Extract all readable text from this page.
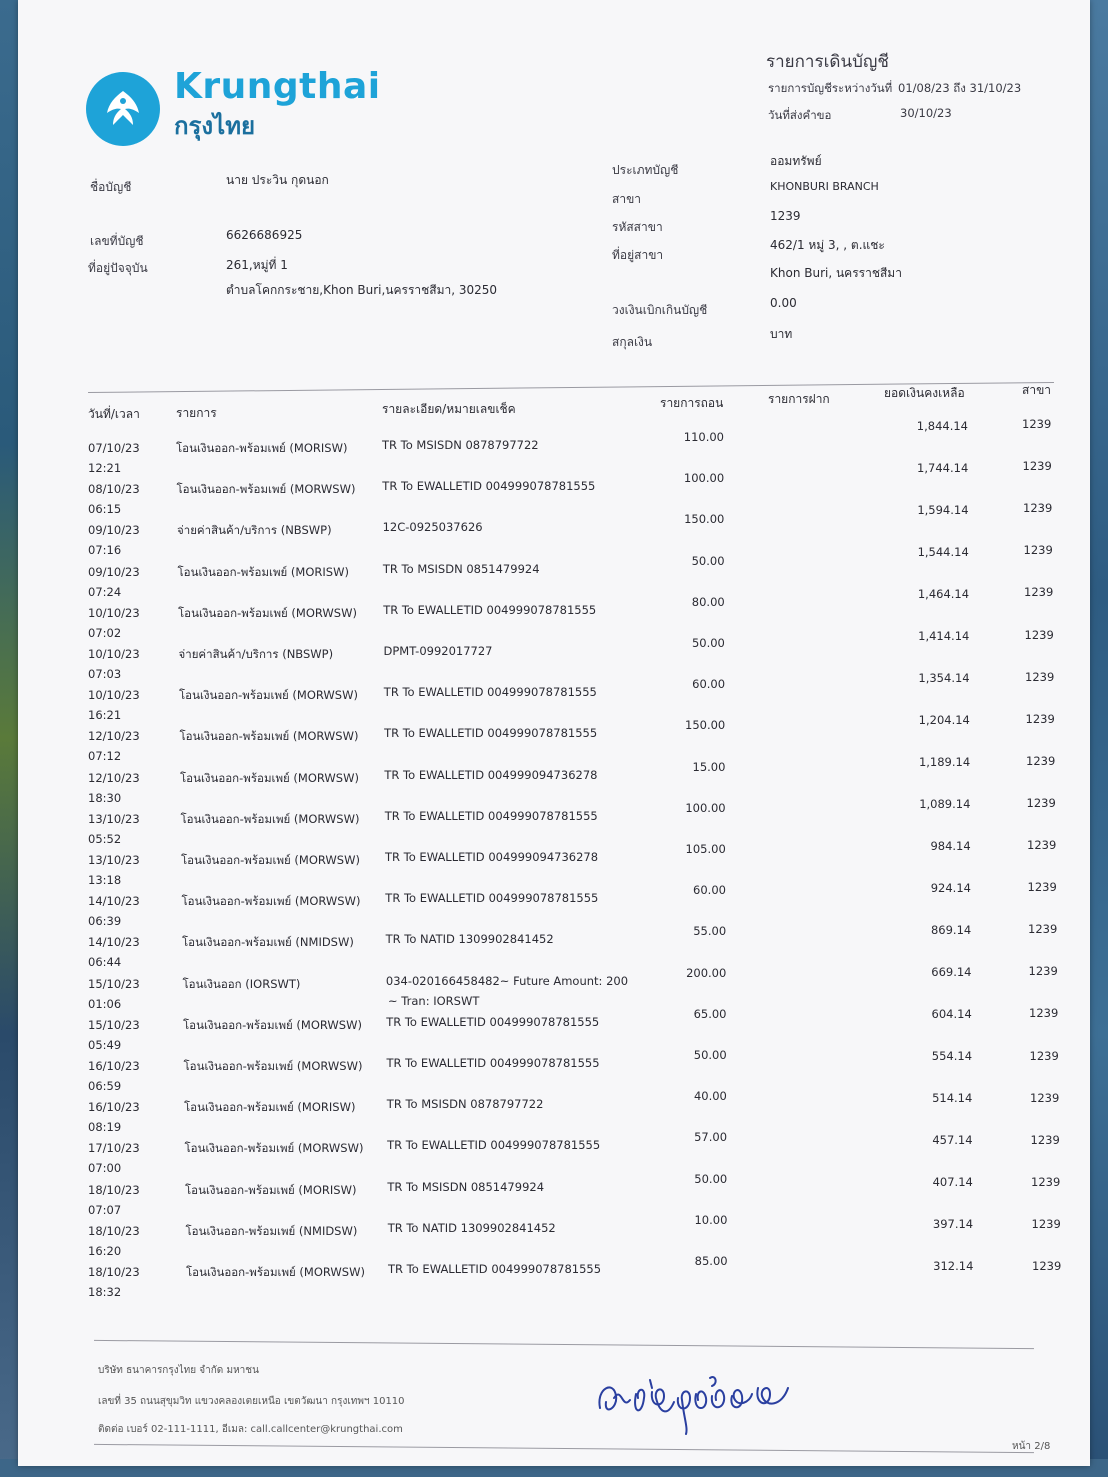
Krungthai
กรุงไทย
รายการเดินบัญชี
รายการบัญชีระหว่างวันที่ 01/08/23 ถึง 31/10/23
วันที่ส่งคำขอ	30/10/23
ชื่อบัญชี	นาย ประวิน กุดนอก
เลขที่บัญชี	6626686925
ที่อยู่ปัจจุบัน	261,หมู่ที่ 1
ตำบลโคกกระชาย,Khon Buri,นครราชสีมา, 30250
ประเภทบัญชี
ออมทรัพย์
สาขา
KHONBURI BRANCH
รหัสสาขา
1239
ที่อยู่สาขา
462/1 หมู่ 3, , ต.แชะ
Khon Buri, นครราชสีมา
วงเงินเบิกเกินบัญชี	0.00
สกุลเงิน
บาท
วันที่/เวลา	รายการ	รายละเอียด/หมายเลขเช็ค	รายการถอน	รายการฝาก	ยอดเงินคงเหลือ	สาขา
07/10/23
12:21
โอนเงินออก-พร้อมเพย์ (MORISW)	TR To MSISDN 0878797722
110.00
1,844.14	1239
08/10/23
06:15
โอนเงินออก-พร้อมเพย์ (MORWSW) TR To EWALLETID 004999078781555
100.00
1,744.14	1239
09/10/23
07:16
จ่ายค่าสินค้า/บริการ (NBSWP)	12C-0925037626
150.00
1,594.14	1239
09/10/23
07:24
โอนเงินออก-พร้อมเพย์ (MORISW)	TR To MSISDN 0851479924
50.00
1,544.14	1239
10/10/23
07:02
โอนเงินออก-พร้อมเพย์ (MORWSW) TR To EWALLETID 004999078781555
80.00
1,464.14	1239
10/10/23
07:03
จ่ายค่าสินค้า/บริการ (NBSWP)	DPMT-0992017727
50.00	1,414.14	1239
10/10/23
16:21
โอนเงินออก-พร้อมเพย์ (MORWSW) TR To EWALLETID 004999078781555
60.00	1,354.14	1239
12/10/23
07:12
โอนเงินออก-พร้อมเพย์ (MORWSW) TR To EWALLETID 004999078781555
150.00	1,204.14	1239
12/10/23
18:30
โอนเงินออก-พร้อมเพย์ (MORWSW) TR To EWALLETID 004999094736278
15.00	1,189.14	1239
13/10/23
05:52
โอนเงินออก-พร้อมเพย์ (MORWSW) TR To EWALLETID 004999078781555
100.00	1,089.14	1239
13/10/23
13:18
โอนเงินออก-พร้อมเพย์ (MORWSW) TR To EWALLETID 004999094736278
105.00	984.14	1239
14/10/23
06:39
โอนเงินออก-พร้อมเพย์ (MORWSW) TR To EWALLETID 004999078781555
60.00	924.14	1239
14/10/23
06:44
โอนเงินออก-พร้อมเพย์ (NMIDSW)	TR To NATID 1309902841452
55.00	869.14	1239
15/10/23
01:06
โอนเงินออก (IORSWT)	034-020166458482~ Future Amount: 200
~ Tran: IORSWT
200.00	669.14	1239
15/10/23
05:49
โอนเงินออก-พร้อมเพย์ (MORWSW) TR To EWALLETID 004999078781555
65.00	604.14	1239
16/10/23
06:59
โอนเงินออก-พร้อมเพย์ (MORWSW) TR To EWALLETID 004999078781555
50.00	554.14	1239
16/10/23
08:19
โอนเงินออก-พร้อมเพย์ (MORISW)	TR To MSISDN 0878797722
40.00	514.14	1239
17/10/23
07:00
โอนเงินออก-พร้อมเพย์ (MORWSW) TR To EWALLETID 004999078781555
57.00	457.14	1239
18/10/23
07:07
โอนเงินออก-พร้อมเพย์ (MORISW)	TR To MSISDN 0851479924
50.00	407.14	1239
18/10/23
16:20
โอนเงินออก-พร้อมเพย์ (NMIDSW)	TR To NATID 1309902841452
10.00	397.14	1239
18/10/23
18:32
โอนเงินออก-พร้อมเพย์ (MORWSW) TR To EWALLETID 004999078781555
85.00	312.14	1239
บริษัท ธนาคารกรุงไทย จำกัด มหาชน
เลขที่ 35 ถนนสุขุมวิท แขวงคลองเตยเหนือ เขตวัฒนา กรุงเทพฯ 10110
ติดต่อ เบอร์ 02-111-1111, อีเมล: call.callcenter@krungthai.com
หน้า 2/8
